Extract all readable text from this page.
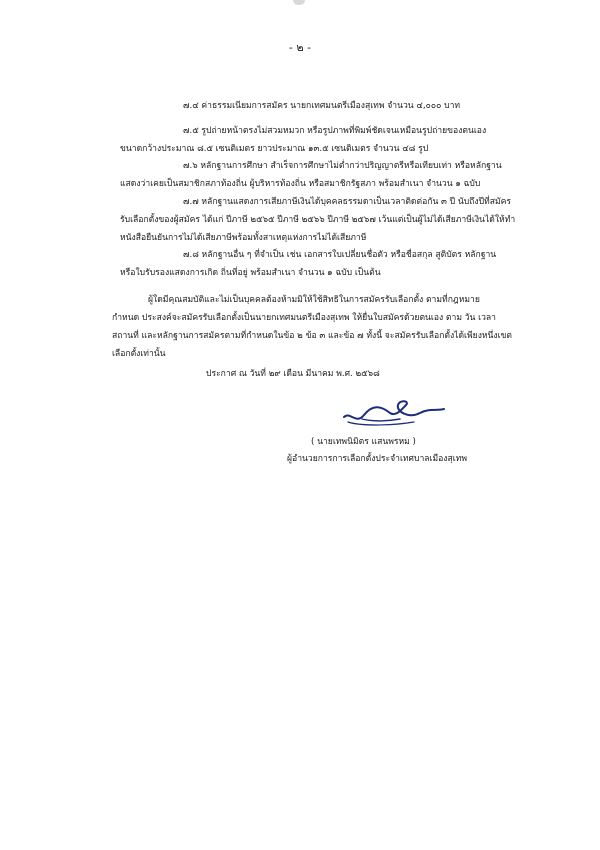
- ๒ -
๗.๔ ค่าธรรมเนียมการสมัคร นายกเทศมนตรีเมืองสุเทพ จำนวน ๔,๐๐๐ บาท
๗.๕ รูปถ่ายหน้าตรงไม่สวมหมวก หรือรูปภาพที่พิมพ์ชัดเจนเหมือนรูปถ่ายของตนเอง
ขนาดกว้างประมาณ ๘.๕ เซนติเมตร ยาวประมาณ ๑๓.๕ เซนติเมตร จำนวน ๔๘ รูป
๗.๖ หลักฐานการศึกษา สำเร็จการศึกษาไม่ต่ำกว่าปริญญาตรีหรือเทียบเท่า หรือหลักฐาน
แสดงว่าเคยเป็นสมาชิกสภาท้องถิ่น ผู้บริหารท้องถิ่น หรือสมาชิกรัฐสภา พร้อมสำเนา จำนวน ๑ ฉบับ
๗.๗ หลักฐานแสดงการเสียภาษีเงินได้บุคคลธรรมดาเป็นเวลาติดต่อกัน ๓ ปี นับถึงปีที่สมัคร
รับเลือกตั้งของผู้สมัคร ได้แก่ ปีภาษี ๒๕๖๕ ปีภาษี ๒๕๖๖ ปีภาษี ๒๕๖๗ เว้นแต่เป็นผู้ไม่ได้เสียภาษีเงินได้ให้ทำ
หนังสือยืนยันการไม่ได้เสียภาษีพร้อมทั้งสาเหตุแห่งการไม่ได้เสียภาษี
๗.๘ หลักฐานอื่น ๆ ที่จำเป็น เช่น เอกสารใบเปลี่ยนชื่อตัว หรือชื่อสกุล สูติบัตร หลักฐาน
หรือใบรับรองแสดงการเกิด ถิ่นที่อยู่ พร้อมสำเนา จำนวน ๑ ฉบับ เป็นต้น
ผู้ใดมีคุณสมบัติและไม่เป็นบุคคลต้องห้ามมิให้ใช้สิทธิในการสมัครรับเลือกตั้ง ตามที่กฎหมาย
กำหนด ประสงค์จะสมัครรับเลือกตั้งเป็นนายกเทศมนตรีเมืองสุเทพ ให้ยื่นใบสมัครด้วยตนเอง ตาม วัน เวลา
สถานที่ และหลักฐานการสมัครตามที่กำหนดในข้อ ๒ ข้อ ๓ และข้อ ๗ ทั้งนี้ จะสมัครรับเลือกตั้งได้เพียงหนึ่งเขต
เลือกตั้งเท่านั้น
ประกาศ ณ วันที่ ๒๙ เดือน มีนาคม พ.ศ. ๒๕๖๘
( นายเทพนิมิตร แสนพรหม )
ผู้อำนวยการการเลือกตั้งประจำเทศบาลเมืองสุเทพ
